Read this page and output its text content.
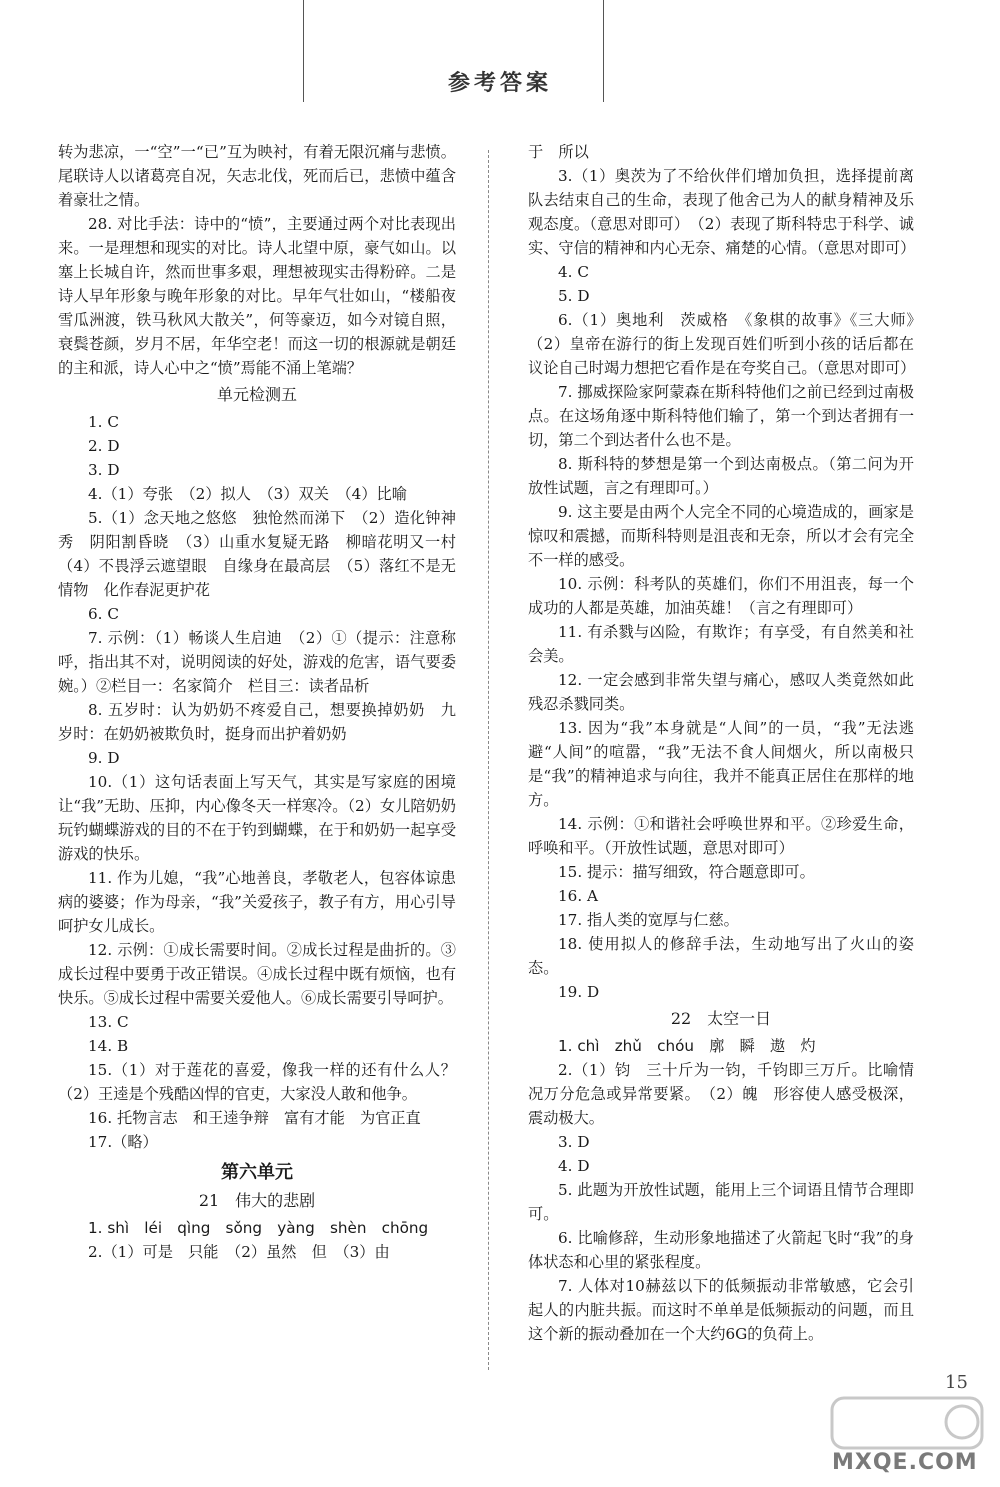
参考答案

转为悲凉，一“空”一“已”互为映衬，有着无限沉痛与悲愤。尾联诗人以诸葛亮自况，矢志北伐，死而后已，悲愤中蕴含着豪壮之情。

28. 对比手法：诗中的“愤”，主要通过两个对比表现出来。一是理想和现实的对比。诗人北望中原，豪气如山。以塞上长城自许，然而世事多艰，理想被现实击得粉碎。二是诗人早年形象与晚年形象的对比。早年气壮如山，“楼船夜雪瓜洲渡，铁马秋风大散关”，何等豪迈，如今对镜自照，衰鬓苍颜，岁月不居，年华空老！而这一切的根源就是朝廷的主和派，诗人心中之“愤”焉能不涌上笔端？

单元检测五

1. C

2. D

3. D

4.（1）夸张　（2）拟人　（3）双关　（4）比喻

5.（1）念天地之悠悠　独怆然而涕下　（2）造化钟神秀　阴阳割昏晓　（3）山重水复疑无路　柳暗花明又一村　（4）不畏浮云遮望眼　自缘身在最高层　（5）落红不是无情物　化作春泥更护花

6. C

7. 示例：（1）畅谈人生启迪　（2）①（提示：注意称呼，指出其不对，说明阅读的好处，游戏的危害，语气要委婉。）②栏目一：名家简介　栏目三：读者品析

8. 五岁时：认为奶奶不疼爱自己，想要换掉奶奶　九岁时：在奶奶被欺负时，挺身而出护着奶奶

9. D

10.（1）这句话表面上写天气，其实是写家庭的困境让“我”无助、压抑，内心像冬天一样寒冷。（2）女儿陪奶奶玩钓蝴蝶游戏的目的不在于钓到蝴蝶，在于和奶奶一起享受游戏的快乐。

11. 作为儿媳，“我”心地善良，孝敬老人，包容体谅患病的婆婆；作为母亲，“我”关爱孩子，教子有方，用心引导呵护女儿成长。

12. 示例：①成长需要时间。②成长过程是曲折的。③成长过程中要勇于改正错误。④成长过程中既有烦恼，也有快乐。⑤成长过程中需要关爱他人。⑥成长需要引导呵护。

13. C

14. B

15.（1）对于莲花的喜爱，像我一样的还有什么人？（2）王逵是个残酷凶悍的官吏，大家没人敢和他争。

16. 托物言志　和王逵争辩　富有才能　为官正直

17.（略）

第六单元
21　伟大的悲剧

1. shì　léi　qìng　sǒng　yàng　shèn　chōng

2.（1）可是　只能　（2）虽然　但　（3）由

于　所以

3.（1）奥茨为了不给伙伴们增加负担，选择提前离队去结束自己的生命，表现了他舍己为人的献身精神及乐观态度。（意思对即可）　（2）表现了斯科特忠于科学、诚实、守信的精神和内心无奈、痛楚的心情。（意思对即可）

4. C

5. D

6.（1）奥地利　茨威格　《象棋的故事》《三大师》　（2）皇帝在游行的街上发现百姓们听到小孩的话后都在议论自己时竭力想把它看作是在夸奖自己。（意思对即可）

7. 挪威探险家阿蒙森在斯科特他们之前已经到过南极点。在这场角逐中斯科特他们输了，第一个到达者拥有一切，第二个到达者什么也不是。

8. 斯科特的梦想是第一个到达南极点。（第二问为开放性试题，言之有理即可。）

9. 这主要是由两个人完全不同的心境造成的，画家是惊叹和震撼，而斯科特则是沮丧和无奈，所以才会有完全不一样的感受。

10. 示例：科考队的英雄们，你们不用沮丧，每一个成功的人都是英雄，加油英雄！（言之有理即可）

11. 有杀戮与凶险，有欺诈；有享受，有自然美和社会美。

12. 一定会感到非常失望与痛心，感叹人类竟然如此残忍杀戮同类。

13. 因为“我”本身就是“人间”的一员，“我”无法逃避“人间”的喧嚣，“我”无法不食人间烟火，所以南极只是“我”的精神追求与向往，我并不能真正居住在那样的地方。

14. 示例：①和谐社会呼唤世界和平。②珍爱生命，呼唤和平。（开放性试题，意思对即可）

15. 提示：描写细致，符合题意即可。

16. A

17. 指人类的宽厚与仁慈。

18. 使用拟人的修辞手法，生动地写出了火山的姿态。

19. D

22　太空一日

1. chì　zhǔ　chóu　廓　瞬　遨　灼

2.（1）钧　三十斤为一钧，千钧即三万斤。比喻情况万分危急或异常要紧。　（2）魄　形容使人感受极深，震动极大。

3. D

4. D

5. 此题为开放性试题，能用上三个词语且情节合理即可。

6. 比喻修辞，生动形象地描述了火箭起飞时“我”的身体状态和心里的紧张程度。

7. 人体对10赫兹以下的低频振动非常敏感，它会引起人的内脏共振。而这时不单单是低频振动的问题，而且这个新的振动叠加在一个大约6G的负荷上。

15
MXQE.COM
